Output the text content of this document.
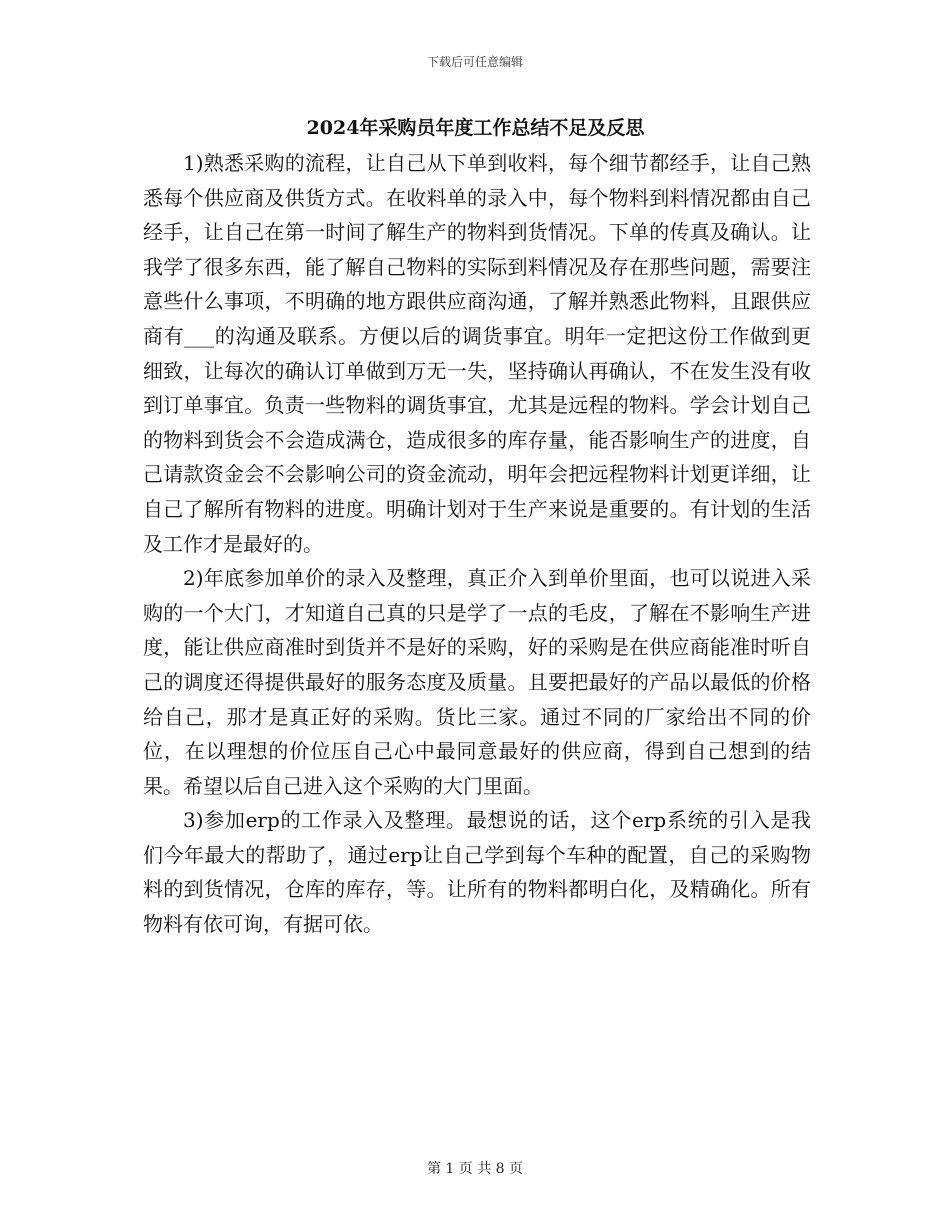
下载后可任意编辑
2024年采购员年度工作总结不足及反思

1)熟悉采购的流程，让自己从下单到收料，每个细节都经手，让自己熟悉每个供应商及供货方式。在收料单的录入中，每个物料到料情况都由自己经手，让自己在第一时间了解生产的物料到货情况。下单的传真及确认。让我学了很多东西，能了解自己物料的实际到料情况及存在那些问题，需要注意些什么事项，不明确的地方跟供应商沟通，了解并熟悉此物料，且跟供应商有___的沟通及联系。方便以后的调货事宜。明年一定把这份工作做到更细致，让每次的确认订单做到万无一失，坚持确认再确认，不在发生没有收到订单事宜。负责一些物料的调货事宜，尤其是远程的物料。学会计划自己的物料到货会不会造成满仓，造成很多的库存量，能否影响生产的进度，自己请款资金会不会影响公司的资金流动，明年会把远程物料计划更详细，让自己了解所有物料的进度。明确计划对于生产来说是重要的。有计划的生活及工作才是最好的。

2)年底参加单价的录入及整理，真正介入到单价里面，也可以说进入采购的一个大门，才知道自己真的只是学了一点的毛皮，了解在不影响生产进度，能让供应商准时到货并不是好的采购，好的采购是在供应商能准时听自己的调度还得提供最好的服务态度及质量。且要把最好的产品以最低的价格给自己，那才是真正好的采购。货比三家。通过不同的厂家给出不同的价位，在以理想的价位压自己心中最同意最好的供应商，得到自己想到的结果。希望以后自己进入这个采购的大门里面。

3)参加erp的工作录入及整理。最想说的话，这个erp系统的引入是我们今年最大的帮助了，通过erp让自己学到每个车种的配置，自己的采购物料的到货情况，仓库的库存，等。让所有的物料都明白化，及精确化。所有物料有依可询，有据可依。

第 1 页 共 8 页
